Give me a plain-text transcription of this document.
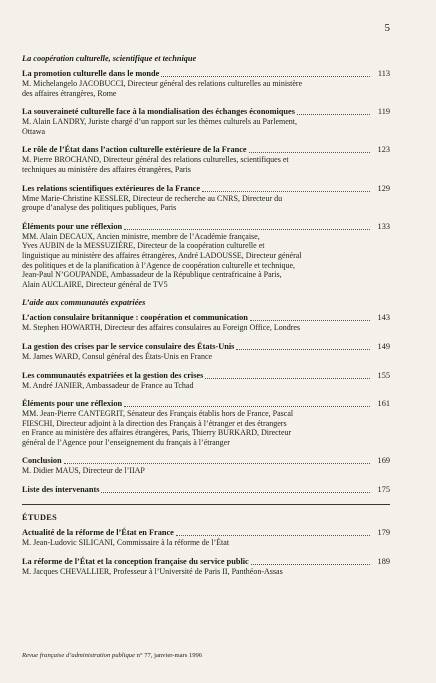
5
La coopération culturelle, scientifique et technique
La promotion culturelle dans le monde	113
M. Michelangelo JACOBUCCI, Directeur général des relations culturelles au ministère
des affaires étrangères, Rome
La souveraineté culturelle face à la mondialisation des échanges économiques	119
M. Alain LANDRY, Juriste chargé d’un rapport sur les thèmes culturels au Parlement,
Ottawa
Le rôle de l’État dans l’action culturelle extérieure de la France	123
M. Pierre BROCHAND, Directeur général des relations culturelles, scientifiques et
techniques au ministère des affaires étrangères, Paris
Les relations scientifiques extérieures de la France	129
Mme Marie-Christine KESSLER, Directeur de recherche au CNRS, Directeur du
groupe d’analyse des politiques publiques, Paris
Éléments pour une réflexion	133
MM. Alain DECAUX, Ancien ministre, membre de l’Académie française,
Yves AUBIN de la MESSUZIÈRE, Directeur de la coopération culturelle et
linguistique au ministère des affaires étrangères, André LADOUSSE, Directeur général
des politiques et de la planification à l’Agence de coopération culturelle et technique,
Jean-Paul N’GOUPANDE, Ambassadeur de la République centrafricaine à Paris,
Alain AUCLAIRE, Directeur général de TV5
L’aide aux communautés expatriées
L’action consulaire britannique : coopération et communication	143
M. Stephen HOWARTH, Directeur des affaires consulaires au Foreign Office, Londres
La gestion des crises par le service consulaire des États-Unis	149
M. James WARD, Consul général des États-Unis en France
Les communautés expatriées et la gestion des crises	155
M. André JANIER, Ambassadeur de France au Tchad
Éléments pour une réflexion	161
MM. Jean-Pierre CANTEGRIT, Sénateur des Français établis hors de France, Pascal
FIESCHI, Directeur adjoint à la direction des Français à l’étranger et des étrangers
en France au ministère des affaires étrangères, Paris, Thierry BURKARD, Directeur
général de l’Agence pour l’enseignement du français à l’étranger
Conclusion	169
M. Didier MAUS, Directeur de l’IIAP
Liste des intervenants	175
ÉTUDES
Actualité de la réforme de l’État en France	179
M. Jean-Ludovic SILICANI, Commissaire à la réforme de l’État
La réforme de l’État et la conception française du service public	189
M. Jacques CHEVALLIER, Professeur à l’Université de Paris II, Panthéon-Assas
Revue française d’administration publique n° 77, janvier-mars 1996
